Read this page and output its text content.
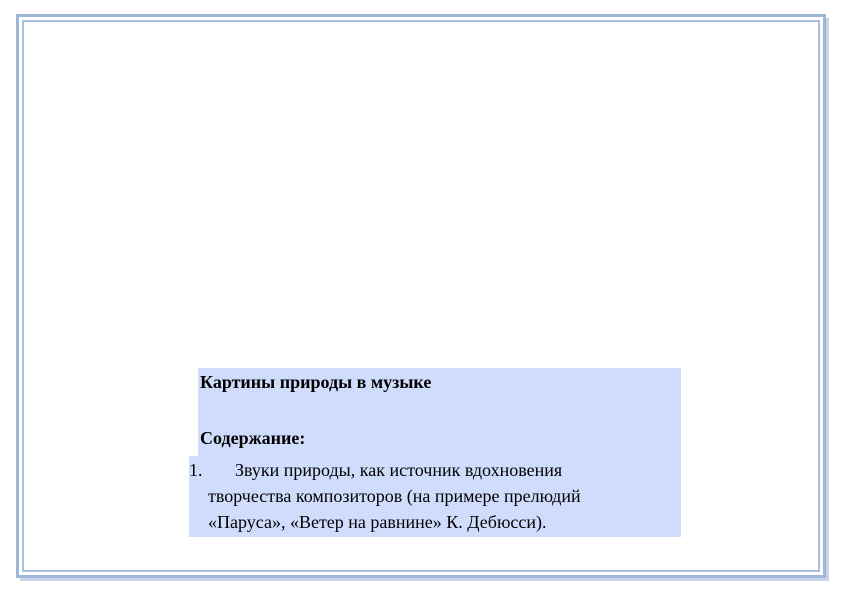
Картины природы в музыке
Содержание:
1. Звуки природы, как источник вдохновения
творчества композиторов (на примере прелюдий
«Паруса», «Ветер на равнине» К. Дебюсси).
